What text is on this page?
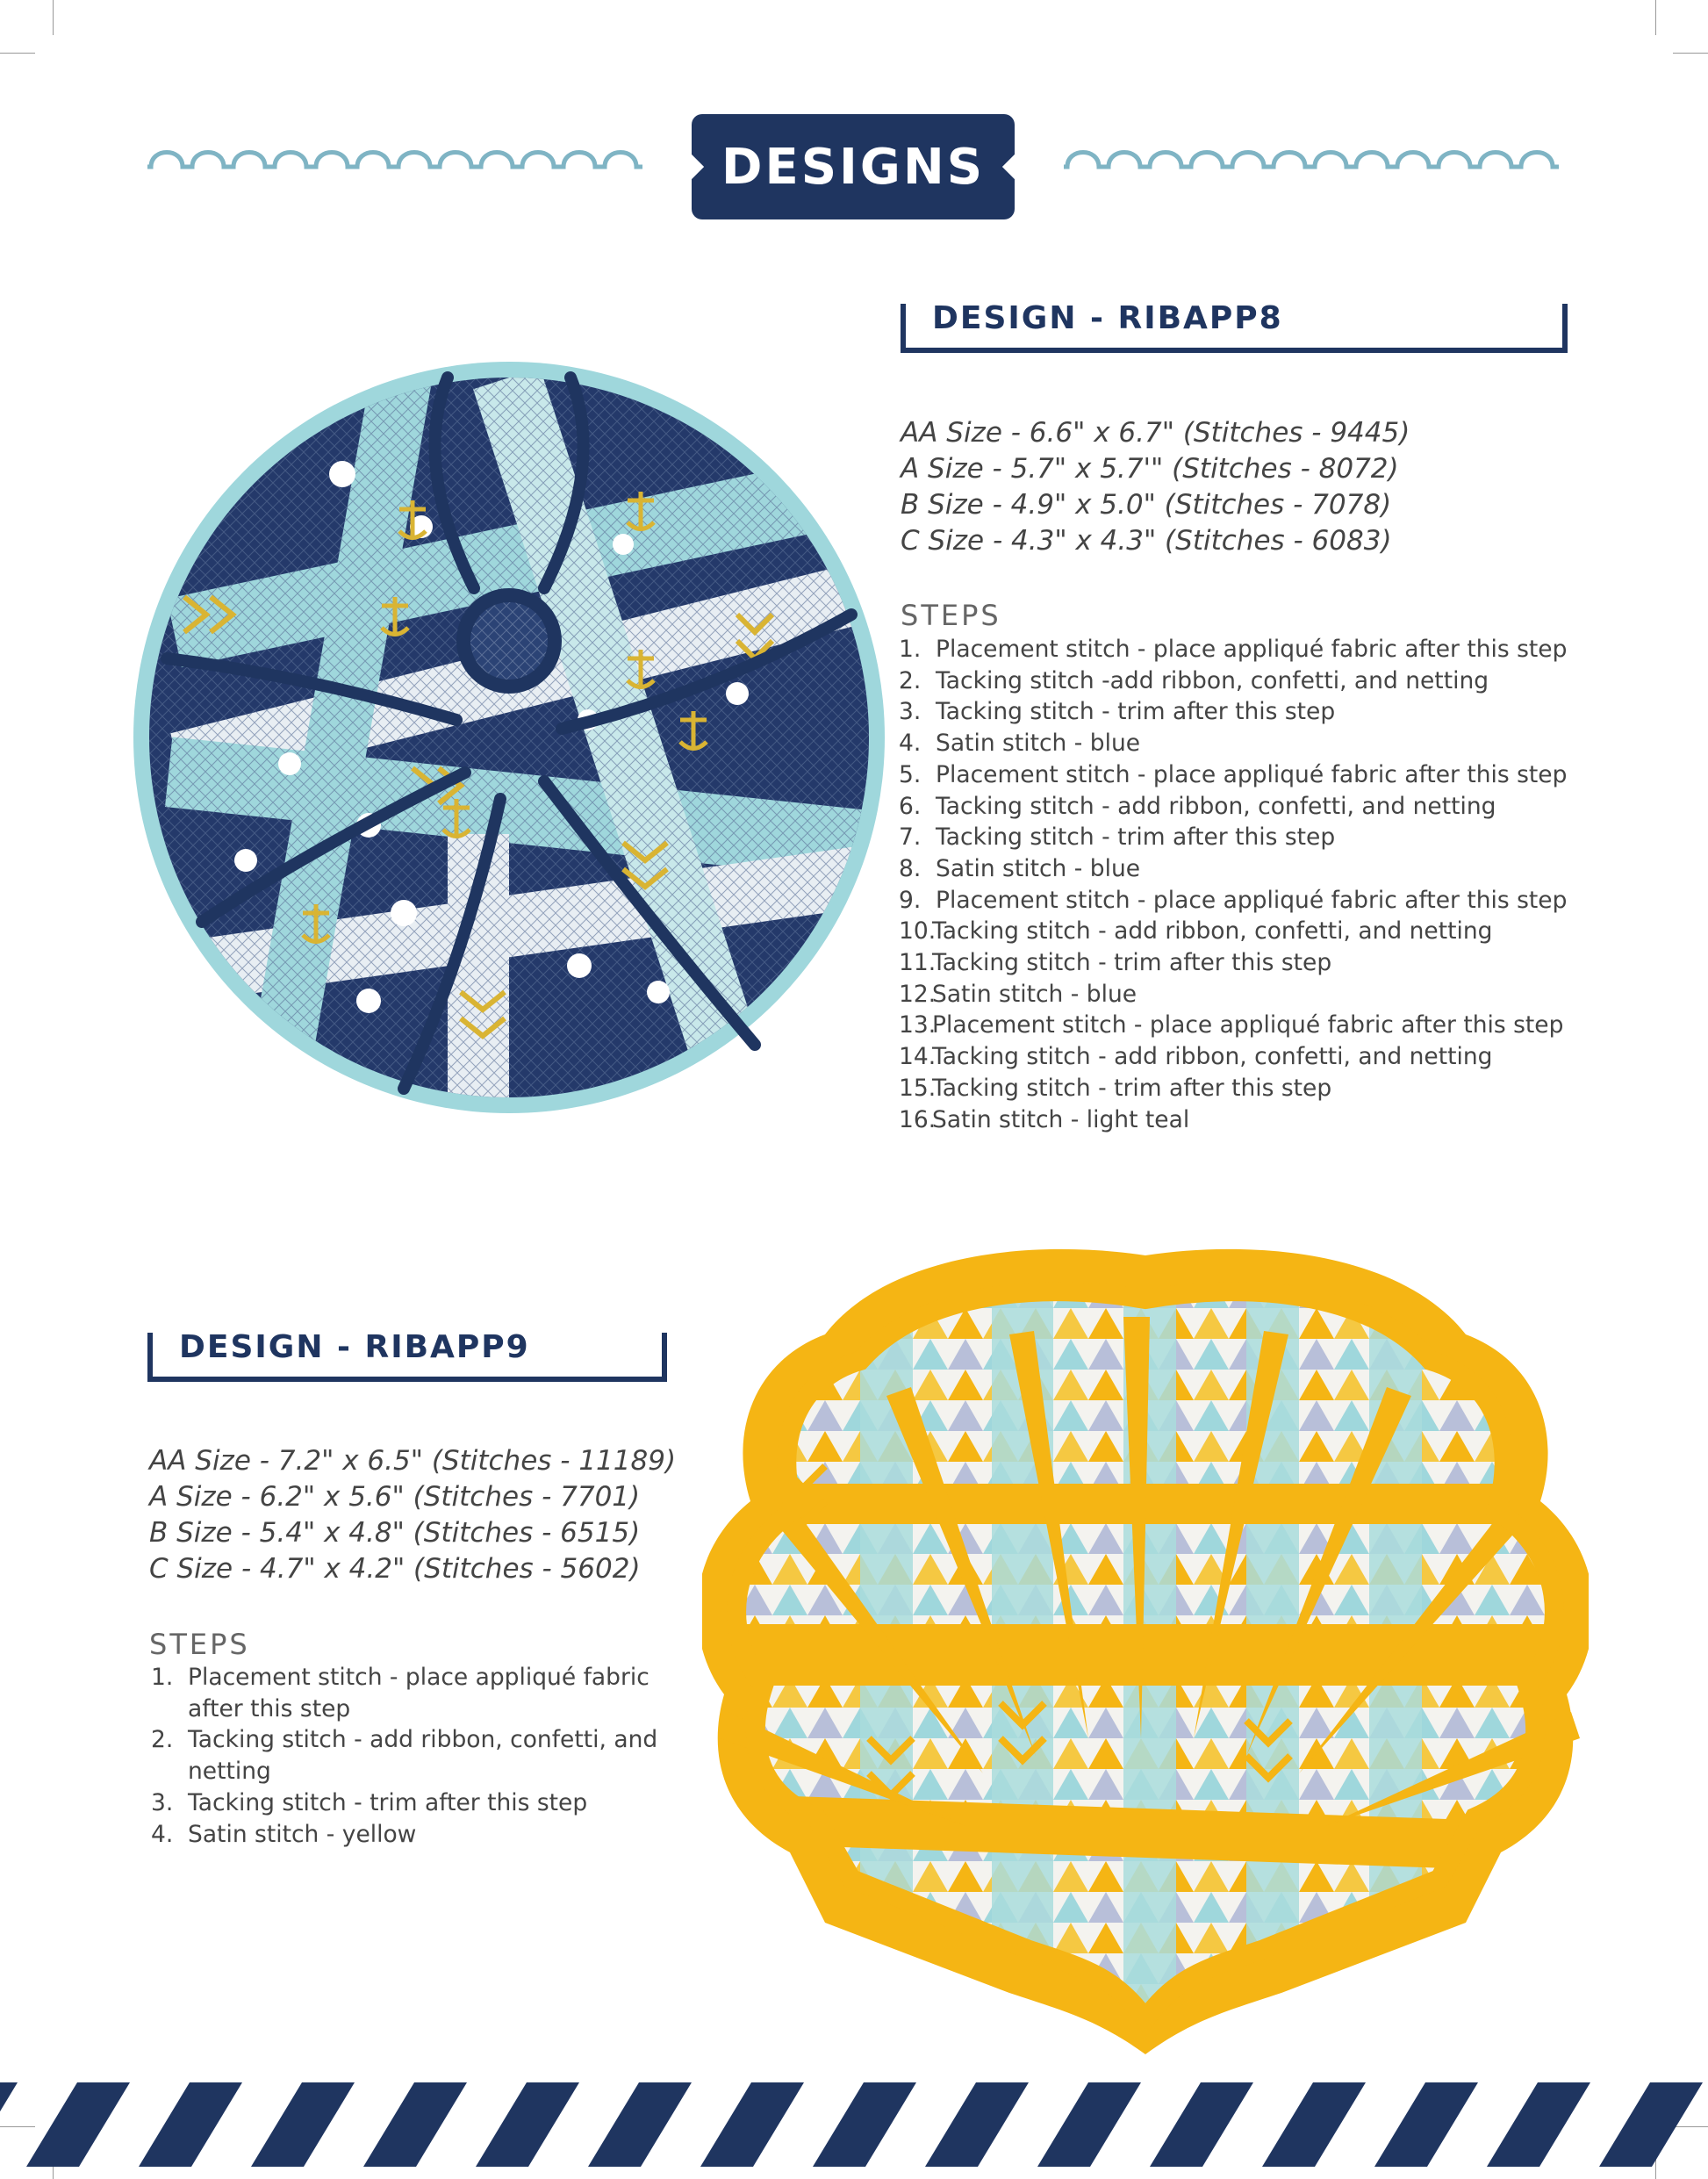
DESIGNS
DESIGN - RIBAPP8
AA Size - 6.6" x 6.7" (Stitches - 9445)
A Size - 5.7" x 5.7'" (Stitches - 8072)
B Size - 4.9" x 5.0" (Stitches - 7078)
C Size - 4.3" x 4.3" (Stitches - 6083)
STEPS
1. Placement stitch - place appliqué fabric after this step
2. Tacking stitch -add ribbon, confetti, and netting
3. Tacking stitch - trim after this step
4. Satin stitch - blue
5. Placement stitch - place appliqué fabric after this step
6. Tacking stitch - add ribbon, confetti, and netting
7. Tacking stitch - trim after this step
8. Satin stitch - blue
9. Placement stitch - place appliqué fabric after this step
10.
Tacking stitch - add ribbon, confetti, and netting
11.
Tacking stitch - trim after this step
12.
Satin stitch - blue
13.
Placement stitch - place appliqué fabric after this step
14.
Tacking stitch - add ribbon, confetti, and netting
15.
Tacking stitch - trim after this step
16.
Satin stitch - light teal
DESIGN - RIBAPP9
AA Size - 7.2" x 6.5" (Stitches - 11189)
A Size - 6.2" x 5.6" (Stitches - 7701)
B Size - 5.4" x 4.8" (Stitches - 6515)
C Size - 4.7" x 4.2" (Stitches - 5602)
STEPS
1. Placement stitch - place appliqué fabric
after this step
2. Tacking stitch - add ribbon, confetti, and
netting
3. Tacking stitch - trim after this step
4. Satin stitch - yellow
